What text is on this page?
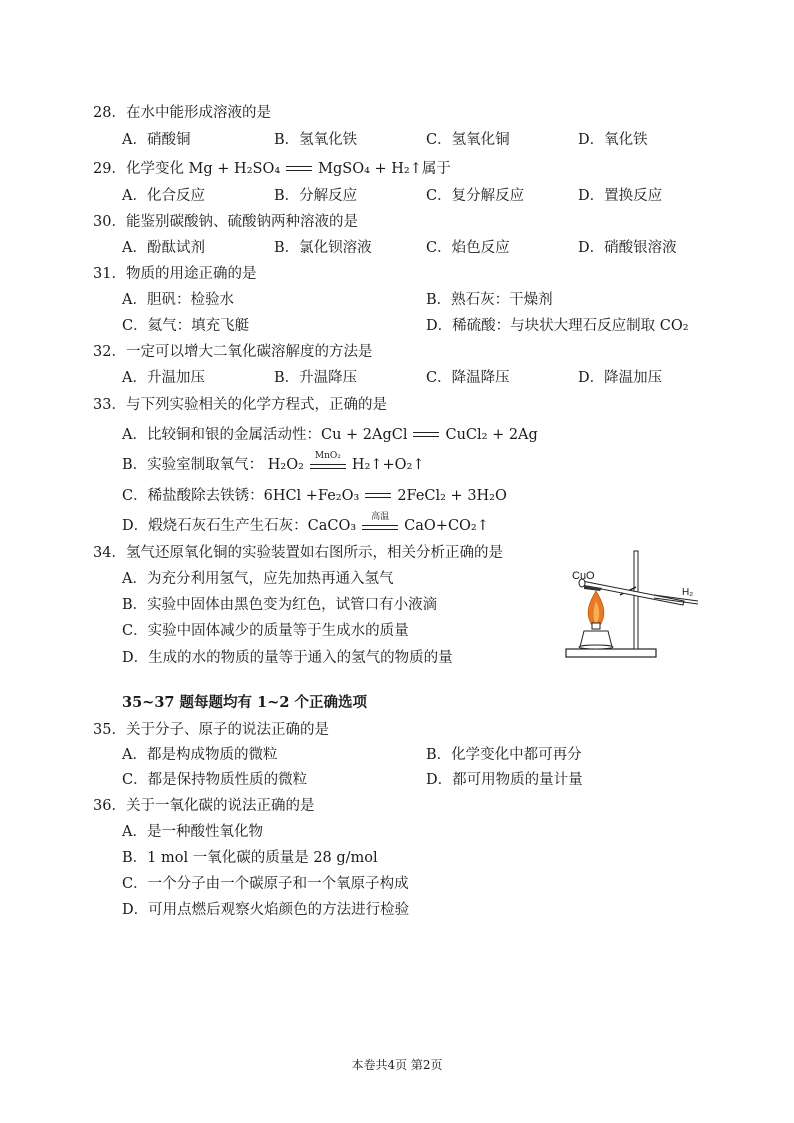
28．在水中能形成溶液的是
A．硝酸铜	B．氢氧化铁	C．氢氧化铜	D．氧化铁
29．化学变化 Mg + H₂SO₄	MgSO₄ + H₂↑属于
A．化合反应	B．分解反应	C．复分解反应	D．置换反应
30．能鉴别碳酸钠、硫酸钠两种溶液的是
A．酚酞试剂	B．氯化钡溶液	C．焰色反应	D．硝酸银溶液
31．物质的用途正确的是
A．胆矾：检验水	B．熟石灰：干燥剂
C．氦气：填充飞艇	D．稀硫酸：与块状大理石反应制取 CO₂
32．一定可以增大二氧化碳溶解度的方法是
A．升温加压	B．升温降压	C．降温降压	D．降温加压
33．与下列实验相关的化学方程式，正确的是
A．比较铜和银的金属活动性：Cu + 2AgCl	CuCl₂ + 2Ag
B．实验室制取氧气： H₂O₂
MnO₂
H₂↑+O₂↑
C．稀盐酸除去铁锈：6HCl +Fe₂O₃	2FeCl₂ + 3H₂O
D．煅烧石灰石生产生石灰：CaCO₃
高温
CaO+CO₂↑
34．氢气还原氧化铜的实验装置如右图所示，相关分析正确的是
A．为充分利用氢气，应先加热再通入氢气
B．实验中固体由黑色变为红色，试管口有小液滴
C．实验中固体减少的质量等于生成水的质量
D．生成的水的物质的量等于通入的氢气的物质的量
CuO
H₂
35~37 题每题均有 1~2 个正确选项
35．关于分子、原子的说法正确的是
A．都是构成物质的微粒	B．化学变化中都可再分
C．都是保持物质性质的微粒	D．都可用物质的量计量
36．关于一氧化碳的说法正确的是
A．是一种酸性氧化物
B．1 mol 一氧化碳的质量是 28 g/mol
C．一个分子由一个碳原子和一个氧原子构成
D．可用点燃后观察火焰颜色的方法进行检验
本卷共4页 第2页
